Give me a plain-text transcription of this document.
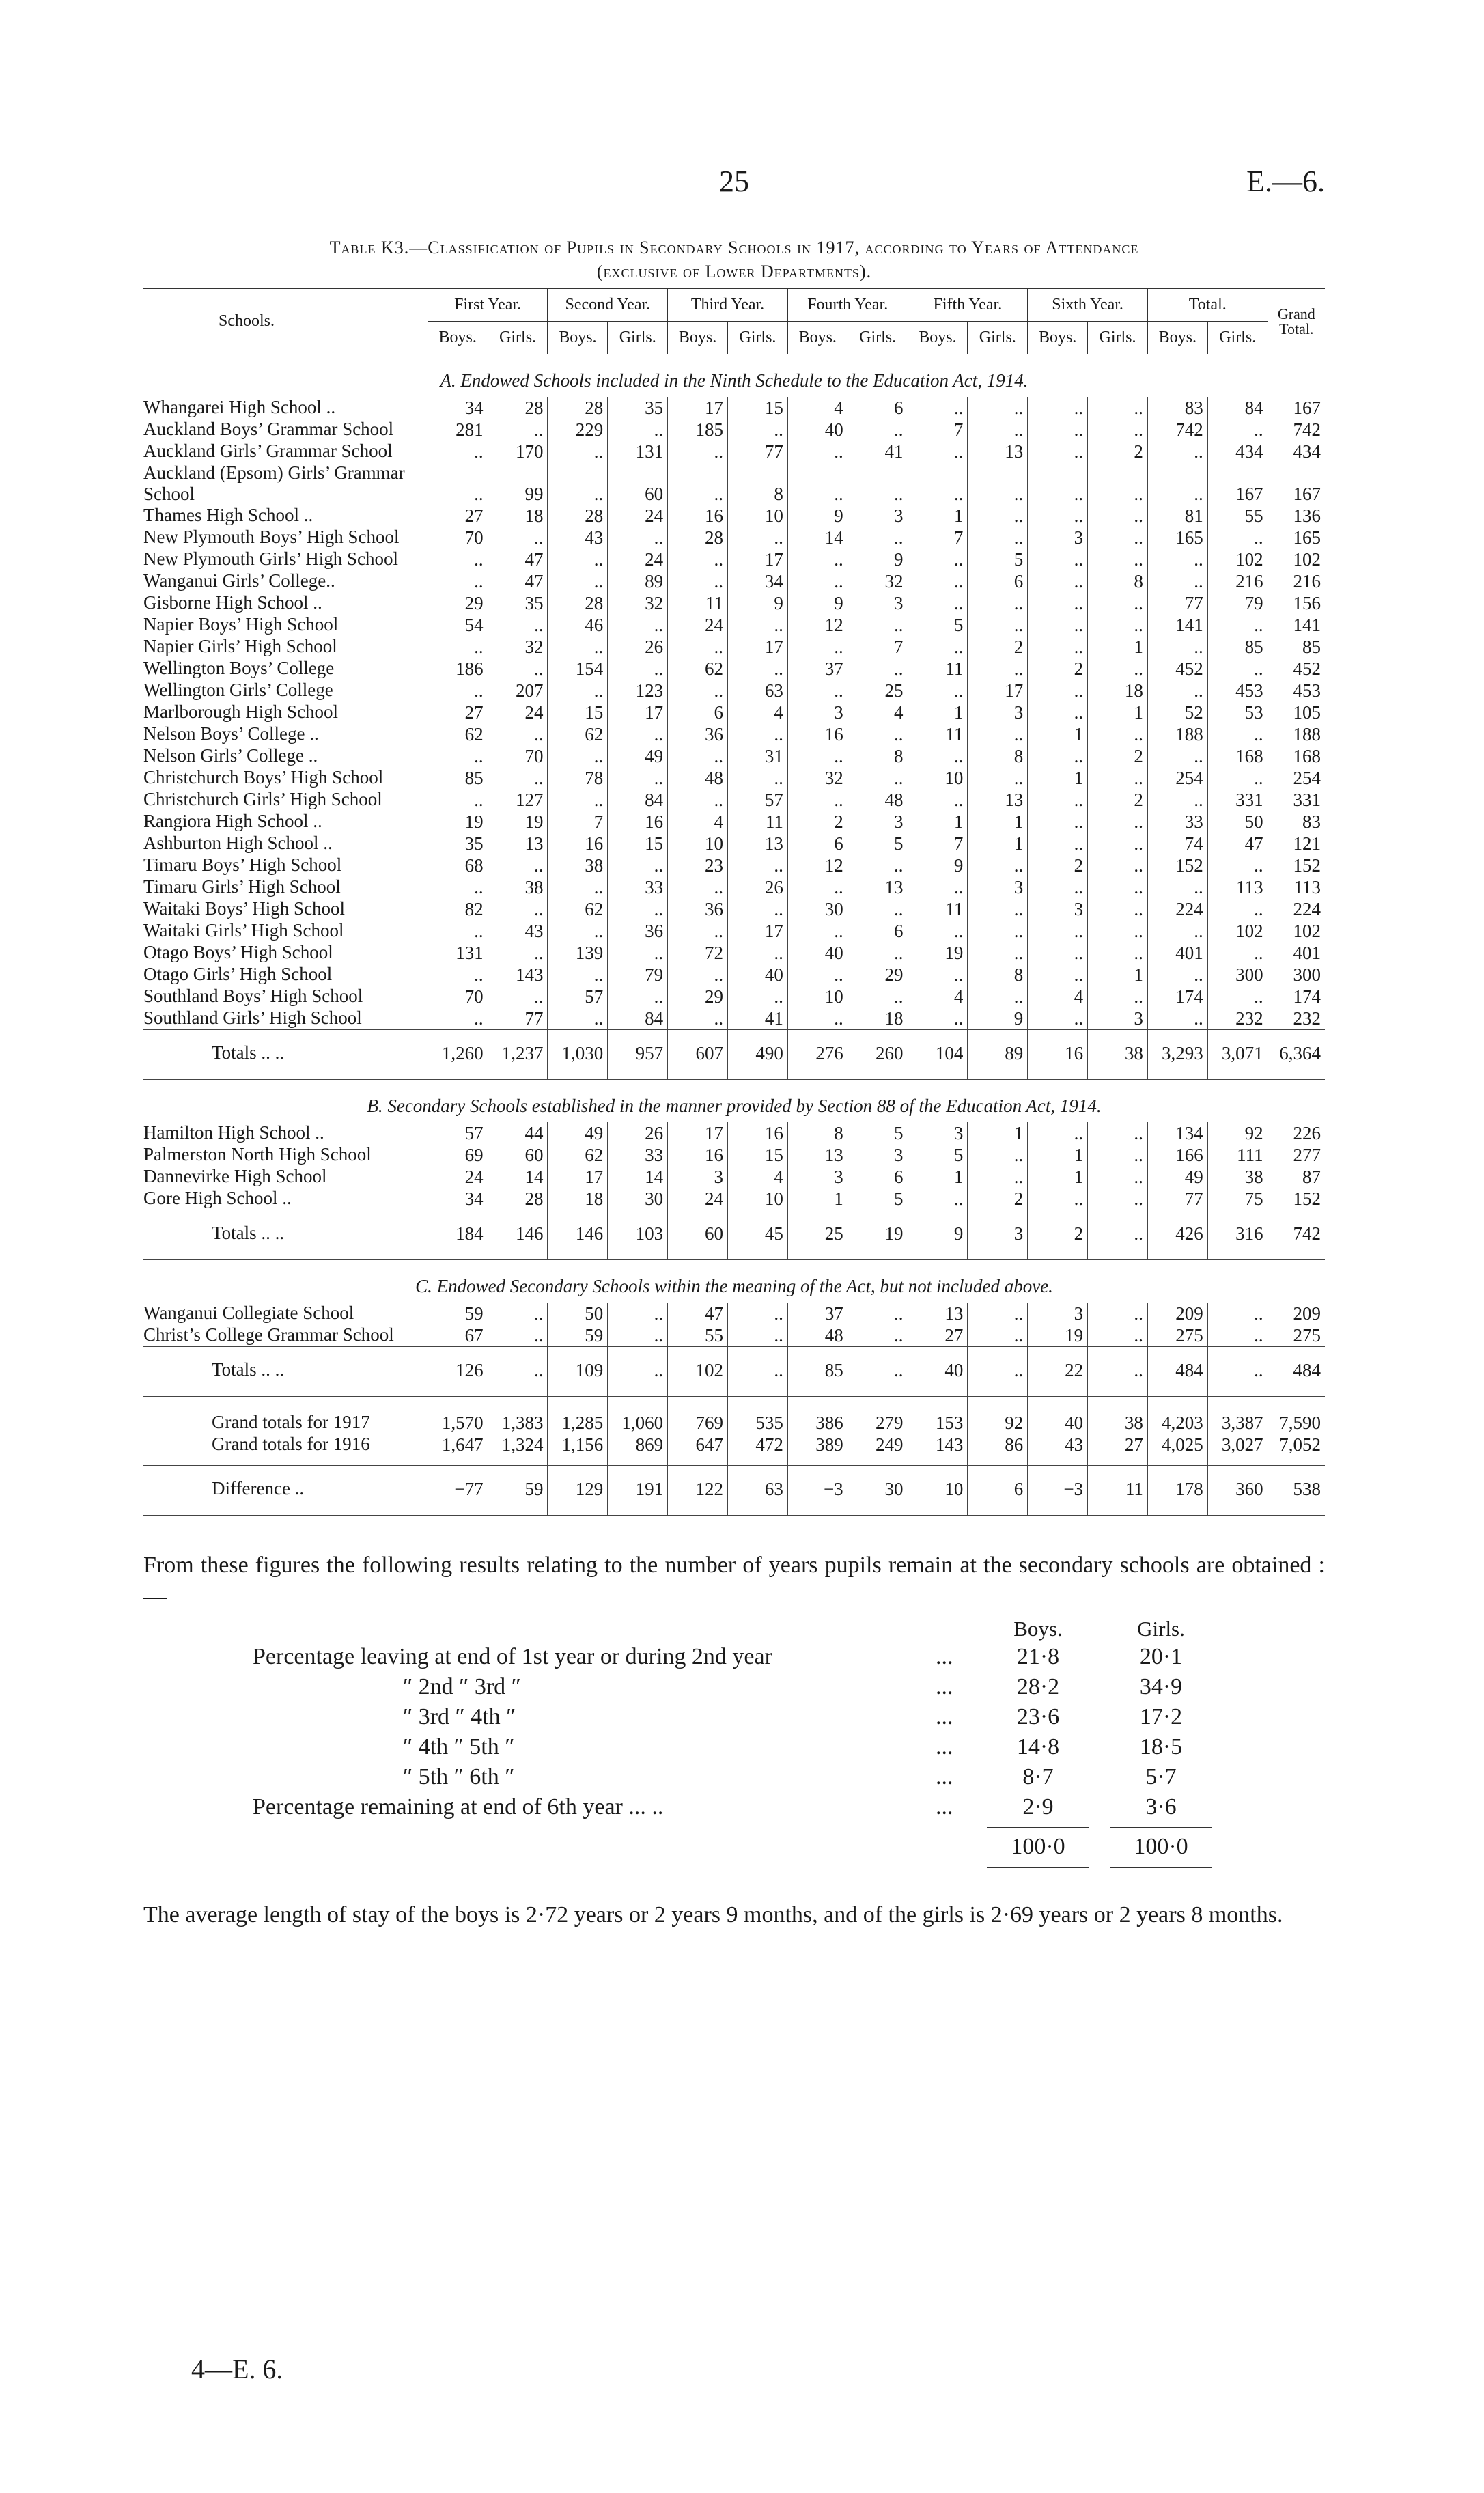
25	E.—6.
Table K3.—Classification of Pupils in Secondary Schools in 1917, according to Years of Attendance
(exclusive of Lower Departments).
Schools.	First Year.		Second Year.		Third Year.		Fourth Year.		Fifth Year.		Sixth Year.		Total.		Grand Total.
	Boys.	Girls.	Boys.	Girls.	Boys.	Girls.	Boys.	Girls.	Boys.	Girls.	Boys.	Girls.	Boys.	Girls.	
A. Endowed Schools included in the Ninth Schedule to the Education Act, 1914.															
Whangarei High School ..	34	28	28	35	17	15	4	6	..	..	..	..	83	84	167
Auckland Boys’ Grammar School	281	..	229	..	185	..	40	..	7	..	..	..	742	..	742
Auckland Girls’ Grammar School	..	170	..	131	..	77	..	41	..	13	..	2	..	434	434
Auckland (Epsom) Girls’ Grammar School	..	99	..	60	..	8	..	..	..	..	..	..	..	167	167
Thames High School ..	27	18	28	24	16	10	9	3	1	..	..	..	81	55	136
New Plymouth Boys’ High School	70	..	43	..	28	..	14	..	7	..	3	..	165	..	165
New Plymouth Girls’ High School	..	47	..	24	..	17	..	9	..	5	..	..	..	102	102
Wanganui Girls’ College..	..	47	..	89	..	34	..	32	..	6	..	8	..	216	216
Gisborne High School ..	29	35	28	32	11	9	9	3	..	..	..	..	77	79	156
Napier Boys’ High School	54	..	46	..	24	..	12	..	5	..	..	..	141	..	141
Napier Girls’ High School	..	32	..	26	..	17	..	7	..	2	..	1	..	85	85
Wellington Boys’ College	186	..	154	..	62	..	37	..	11	..	2	..	452	..	452
Wellington Girls’ College	..	207	..	123	..	63	..	25	..	17	..	18	..	453	453
Marlborough High School	27	24	15	17	6	4	3	4	1	3	..	1	52	53	105
Nelson Boys’ College ..	62	..	62	..	36	..	16	..	11	..	1	..	188	..	188
Nelson Girls’ College ..	..	70	..	49	..	31	..	8	..	8	..	2	..	168	168
Christchurch Boys’ High School	85	..	78	..	48	..	32	..	10	..	1	..	254	..	254
Christchurch Girls’ High School	..	127	..	84	..	57	..	48	..	13	..	2	..	331	331
Rangiora High School ..	19	19	7	16	4	11	2	3	1	1	..	..	33	50	83
Ashburton High School ..	35	13	16	15	10	13	6	5	7	1	..	..	74	47	121
Timaru Boys’ High School	68	..	38	..	23	..	12	..	9	..	2	..	152	..	152
Timaru Girls’ High School	..	38	..	33	..	26	..	13	..	3	..	..	..	113	113
Waitaki Boys’ High School	82	..	62	..	36	..	30	..	11	..	3	..	224	..	224
Waitaki Girls’ High School	..	43	..	36	..	17	..	6	..	..	..	..	..	102	102
Otago Boys’ High School	131	..	139	..	72	..	40	..	19	..	..	..	401	..	401
Otago Girls’ High School	..	143	..	79	..	40	..	29	..	8	..	1	..	300	300
Southland Boys’ High School	70	..	57	..	29	..	10	..	4	..	4	..	174	..	174
Southland Girls’ High School	..	77	..	84	..	41	..	18	..	9	..	3	..	232	232
Totals .. ..	1,260	1,237	1,030	957	607	490	276	260	104	89	16	38	3,293	3,071	6,364
B. Secondary Schools established in the manner provided by Section 88 of the Education Act, 1914.															
Hamilton High School ..	57	44	49	26	17	16	8	5	3	1	..	..	134	92	226
Palmerston North High School	69	60	62	33	16	15	13	3	5	..	1	..	166	111	277
Dannevirke High School	24	14	17	14	3	4	3	6	1	..	1	..	49	38	87
Gore High School ..	34	28	18	30	24	10	1	5	..	2	..	..	77	75	152
Totals .. ..	184	146	146	103	60	45	25	19	9	3	2	..	426	316	742
C. Endowed Secondary Schools within the meaning of the Act, but not included above.															
Wanganui Collegiate School	59	..	50	..	47	..	37	..	13	..	3	..	209	..	209
Christ’s College Grammar School	67	..	59	..	55	..	48	..	27	..	19	..	275	..	275
Totals .. ..	126	..	109	..	102	..	85	..	40	..	22	..	484	..	484
Grand totals for 1917	1,570	1,383	1,285	1,060	769	535	386	279	153	92	40	38	4,203	3,387	7,590
Grand totals for 1916	1,647	1,324	1,156	869	647	472	389	249	143	86	43	27	4,025	3,027	7,052
Difference ..	−77	59	129	191	122	63	−3	30	10	6	−3	11	178	360	538
From these figures the following results relating to the number of years pupils remain at the secondary schools are obtained :—
Boys.	Girls.
Percentage leaving at end of 1st year or during 2nd year	...	21·8	20·1
″ 2nd ″ 3rd ″	...	28·2	34·9
″ 3rd ″ 4th ″	...	23·6	17·2
″ 4th ″ 5th ″	...	14·8	18·5
″ 5th ″ 6th ″	...	8·7	5·7
Percentage remaining at end of 6th year ... ..	...	2·9	3·6
100·0	100·0
The average length of stay of the boys is 2·72 years or 2 years 9 months, and of the girls is 2·69 years or 2 years 8 months.
4—E. 6.
